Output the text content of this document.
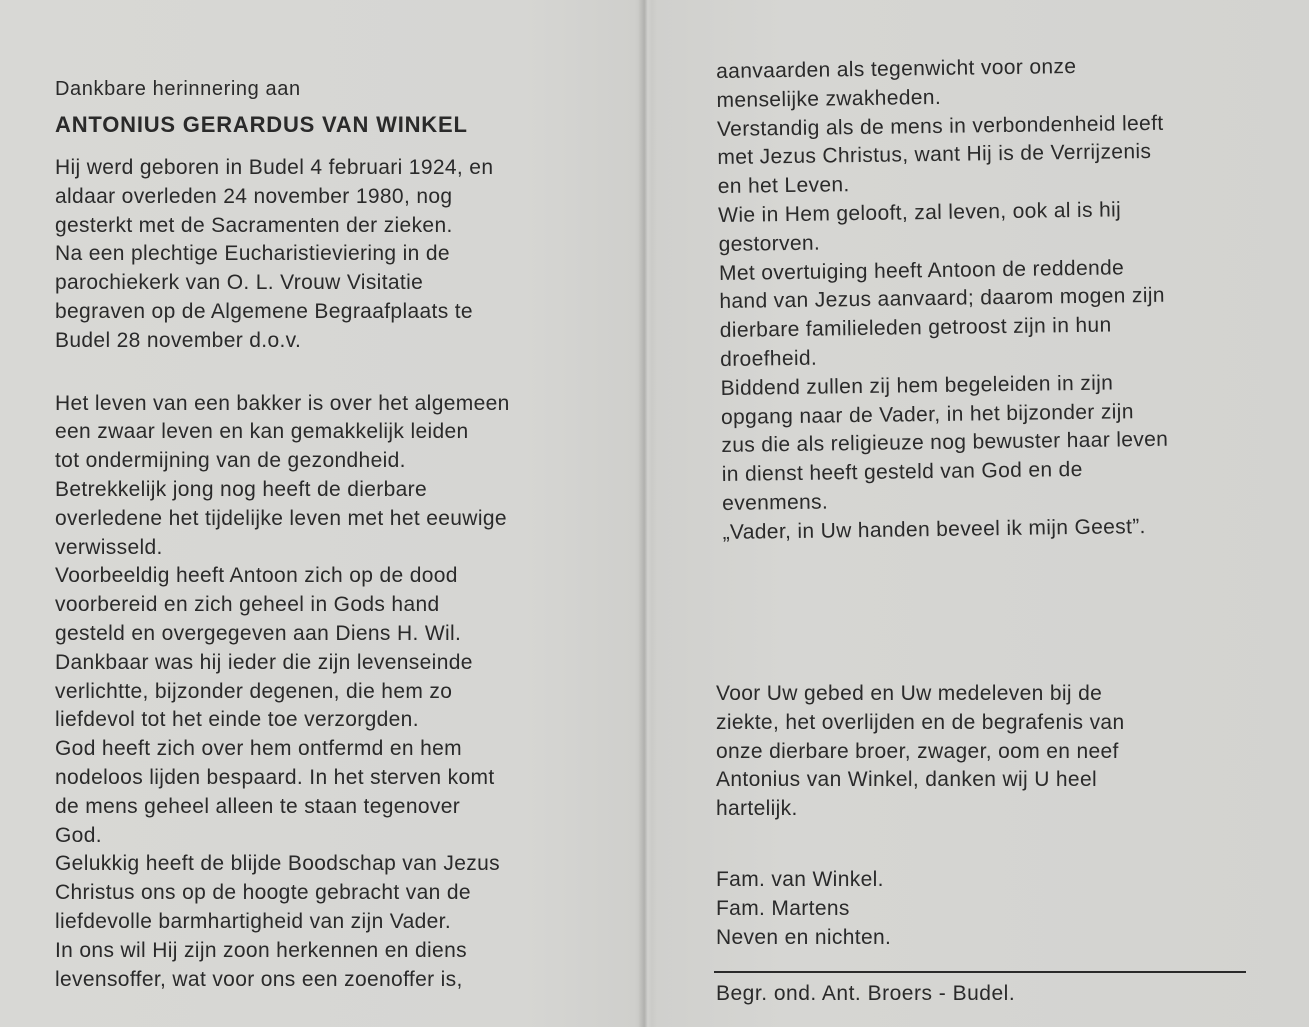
Dankbare herinnering aan
ANTONIUS GERARDUS VAN WINKEL
Hij werd geboren in Budel 4 februari 1924, en
aldaar overleden 24 november 1980, nog
gesterkt met de Sacramenten der zieken.
Na een plechtige Eucharistieviering in de
parochiekerk van O. L. Vrouw Visitatie
begraven op de Algemene Begraafplaats te
Budel 28 november d.o.v.
Het leven van een bakker is over het algemeen
een zwaar leven en kan gemakkelijk leiden
tot ondermijning van de gezondheid.
Betrekkelijk jong nog heeft de dierbare
overledene het tijdelijke leven met het eeuwige
verwisseld.
Voorbeeldig heeft Antoon zich op de dood
voorbereid en zich geheel in Gods hand
gesteld en overgegeven aan Diens H. Wil.
Dankbaar was hij ieder die zijn levenseinde
verlichtte, bijzonder degenen, die hem zo
liefdevol tot het einde toe verzorgden.
God heeft zich over hem ontfermd en hem
nodeloos lijden bespaard. In het sterven komt
de mens geheel alleen te staan tegenover
God.
Gelukkig heeft de blijde Boodschap van Jezus
Christus ons op de hoogte gebracht van de
liefdevolle barmhartigheid van zijn Vader.
In ons wil Hij zijn zoon herkennen en diens
levensoffer, wat voor ons een zoenoffer is,
aanvaarden als tegenwicht voor onze
menselijke zwakheden.
Verstandig als de mens in verbondenheid leeft
met Jezus Christus, want Hij is de Verrijzenis
en het Leven.
Wie in Hem gelooft, zal leven, ook al is hij
gestorven.
Met overtuiging heeft Antoon de reddende
hand van Jezus aanvaard; daarom mogen zijn
dierbare familieleden getroost zijn in hun
droefheid.
Biddend zullen zij hem begeleiden in zijn
opgang naar de Vader, in het bijzonder zijn
zus die als religieuze nog bewuster haar leven
in dienst heeft gesteld van God en de
evenmens.
„Vader, in Uw handen beveel ik mijn Geest”.
Voor Uw gebed en Uw medeleven bij de
ziekte, het overlijden en de begrafenis van
onze dierbare broer, zwager, oom en neef
Antonius van Winkel, danken wij U heel
hartelijk.
Fam. van Winkel.
Fam. Martens
Neven en nichten.
Begr. ond. Ant. Broers - Budel.
